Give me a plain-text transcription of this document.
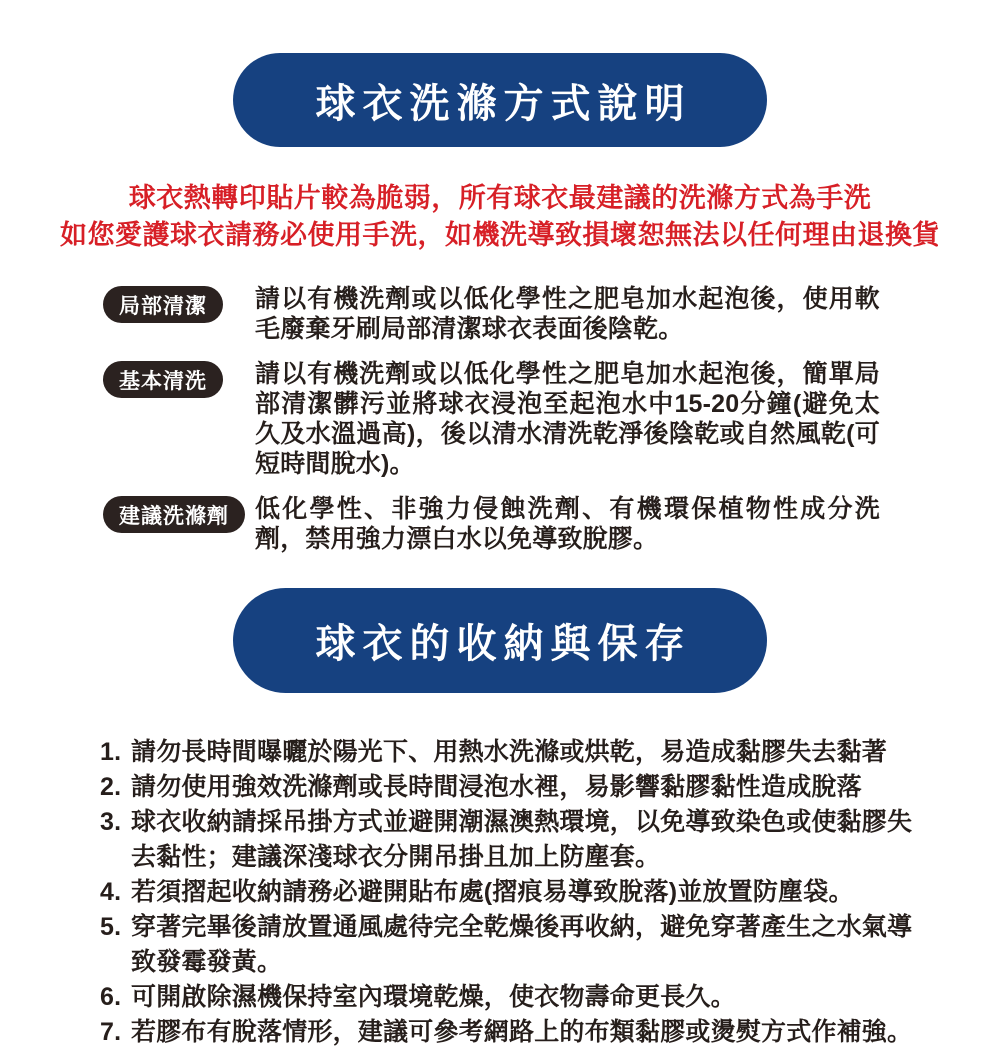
球衣洗滌方式說明
球衣熱轉印貼片較為脆弱，所有球衣最建議的洗滌方式為手洗
如您愛護球衣請務必使用手洗，如機洗導致損壞恕無法以任何理由退換貨
局部清潔	請以有機洗劑或以低化學性之肥皂加水起泡後，使用軟毛廢棄牙刷局部清潔球衣表面後陰乾。
基本清洗	請以有機洗劑或以低化學性之肥皂加水起泡後，簡單局部清潔髒污並將球衣浸泡至起泡水中15-20分鐘(避免太久及水溫過高)，後以清水清洗乾淨後陰乾或自然風乾(可短時間脫水)。
建議洗滌劑	低化學性、非強力侵蝕洗劑、有機環保植物性成分洗劑，禁用強力漂白水以免導致脫膠。
球衣的收納與保存
1. 請勿長時間曝曬於陽光下、用熱水洗滌或烘乾，易造成黏膠失去黏著
2. 請勿使用強效洗滌劑或長時間浸泡水裡，易影響黏膠黏性造成脫落
3. 球衣收納請採吊掛方式並避開潮濕澳熱環境，以免導致染色或使黏膠失去黏性；建議深淺球衣分開吊掛且加上防塵套。
4. 若須摺起收納請務必避開貼布處(摺痕易導致脫落)並放置防塵袋。
5. 穿著完畢後請放置通風處待完全乾燥後再收納，避免穿著產生之水氣導致發霉發黃。
6. 可開啟除濕機保持室內環境乾燥，使衣物壽命更長久。
7. 若膠布有脫落情形，建議可參考網路上的布類黏膠或燙熨方式作補強。
